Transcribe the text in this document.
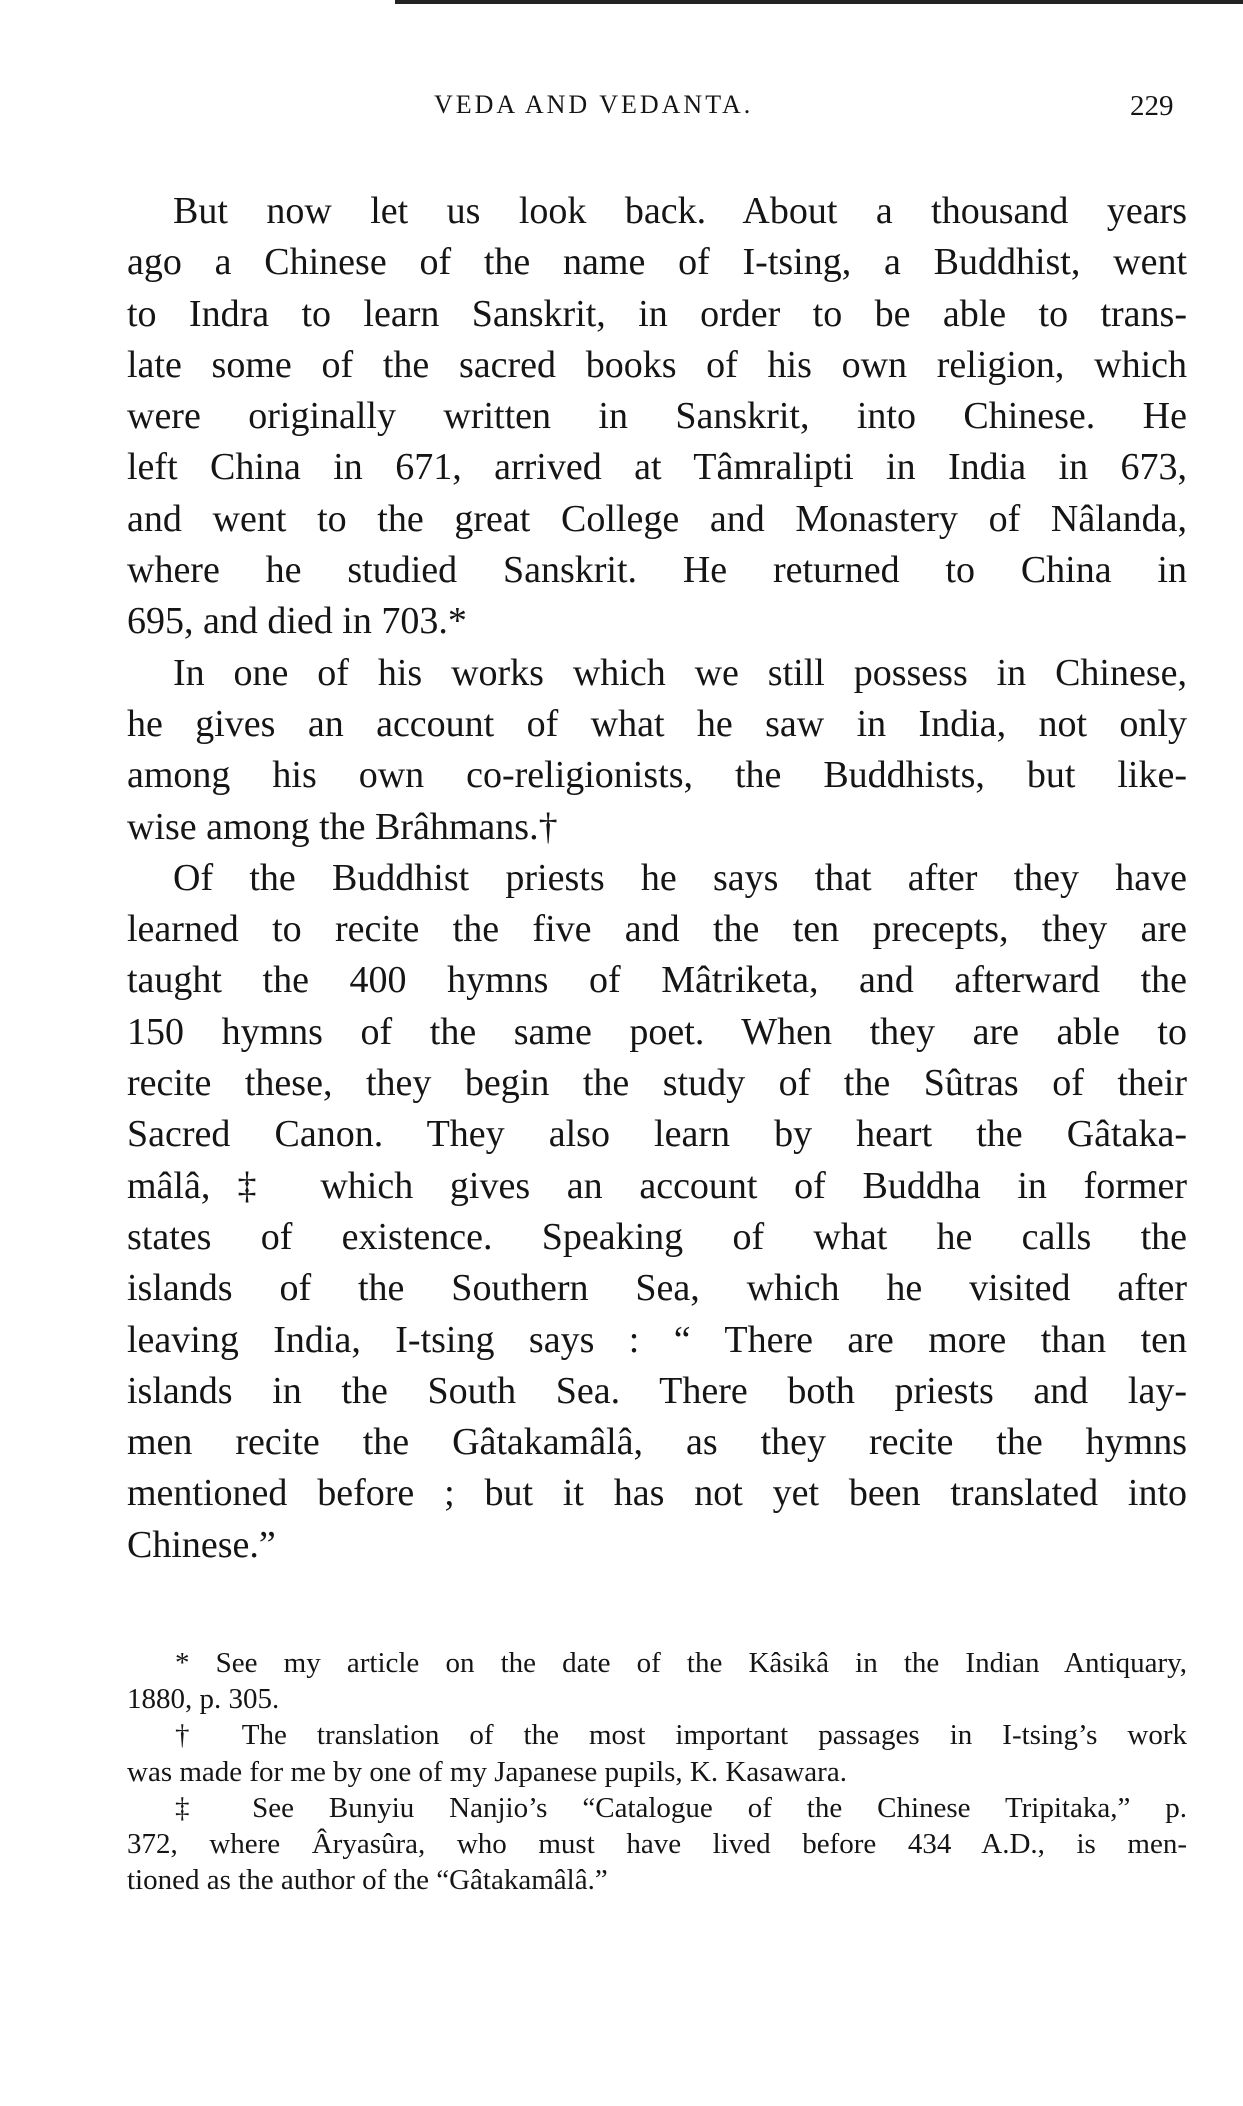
VEDA AND VEDANTA.	229
But now let us look back. About a thousand years
ago a Chinese of the name of I-tsing, a Buddhist, went
to Indra to learn Sanskrit, in order to be able to trans-
late some of the sacred books of his own religion, which
were originally written in Sanskrit, into Chinese. He
left China in 671, arrived at Tâmralipti in India in 673,
and went to the great College and Monastery of Nâlanda,
where he studied Sanskrit. He returned to China in
695, and died in 703.*
In one of his works which we still possess in Chinese,
he gives an account of what he saw in India, not only
among his own co-religionists, the Buddhists, but like-
wise among the Brâhmans.†
Of the Buddhist priests he says that after they have
learned to recite the five and the ten precepts, they are
taught the 400 hymns of Mâtriketa, and afterward the
150 hymns of the same poet. When they are able to
recite these, they begin the study of the Sûtras of their
Sacred Canon. They also learn by heart the Gâtaka-
mâlâ,‡ which gives an account of Buddha in former
states of existence. Speaking of what he calls the
islands of the Southern Sea, which he visited after
leaving India, I-tsing says : “ There are more than ten
islands in the South Sea. There both priests and lay-
men recite the Gâtakamâlâ, as they recite the hymns
mentioned before ; but it has not yet been translated into
Chinese.”
* See my article on the date of the Kâsikâ in the Indian Antiquary,
1880, p. 305.
† The translation of the most important passages in I-tsing’s work
was made for me by one of my Japanese pupils, K. Kasawara.
‡ See Bunyiu Nanjio’s “Catalogue of the Chinese Tripitaka,” p.
372, where Âryasûra, who must have lived before 434 A.D., is men-
tioned as the author of the “Gâtakamâlâ.”
